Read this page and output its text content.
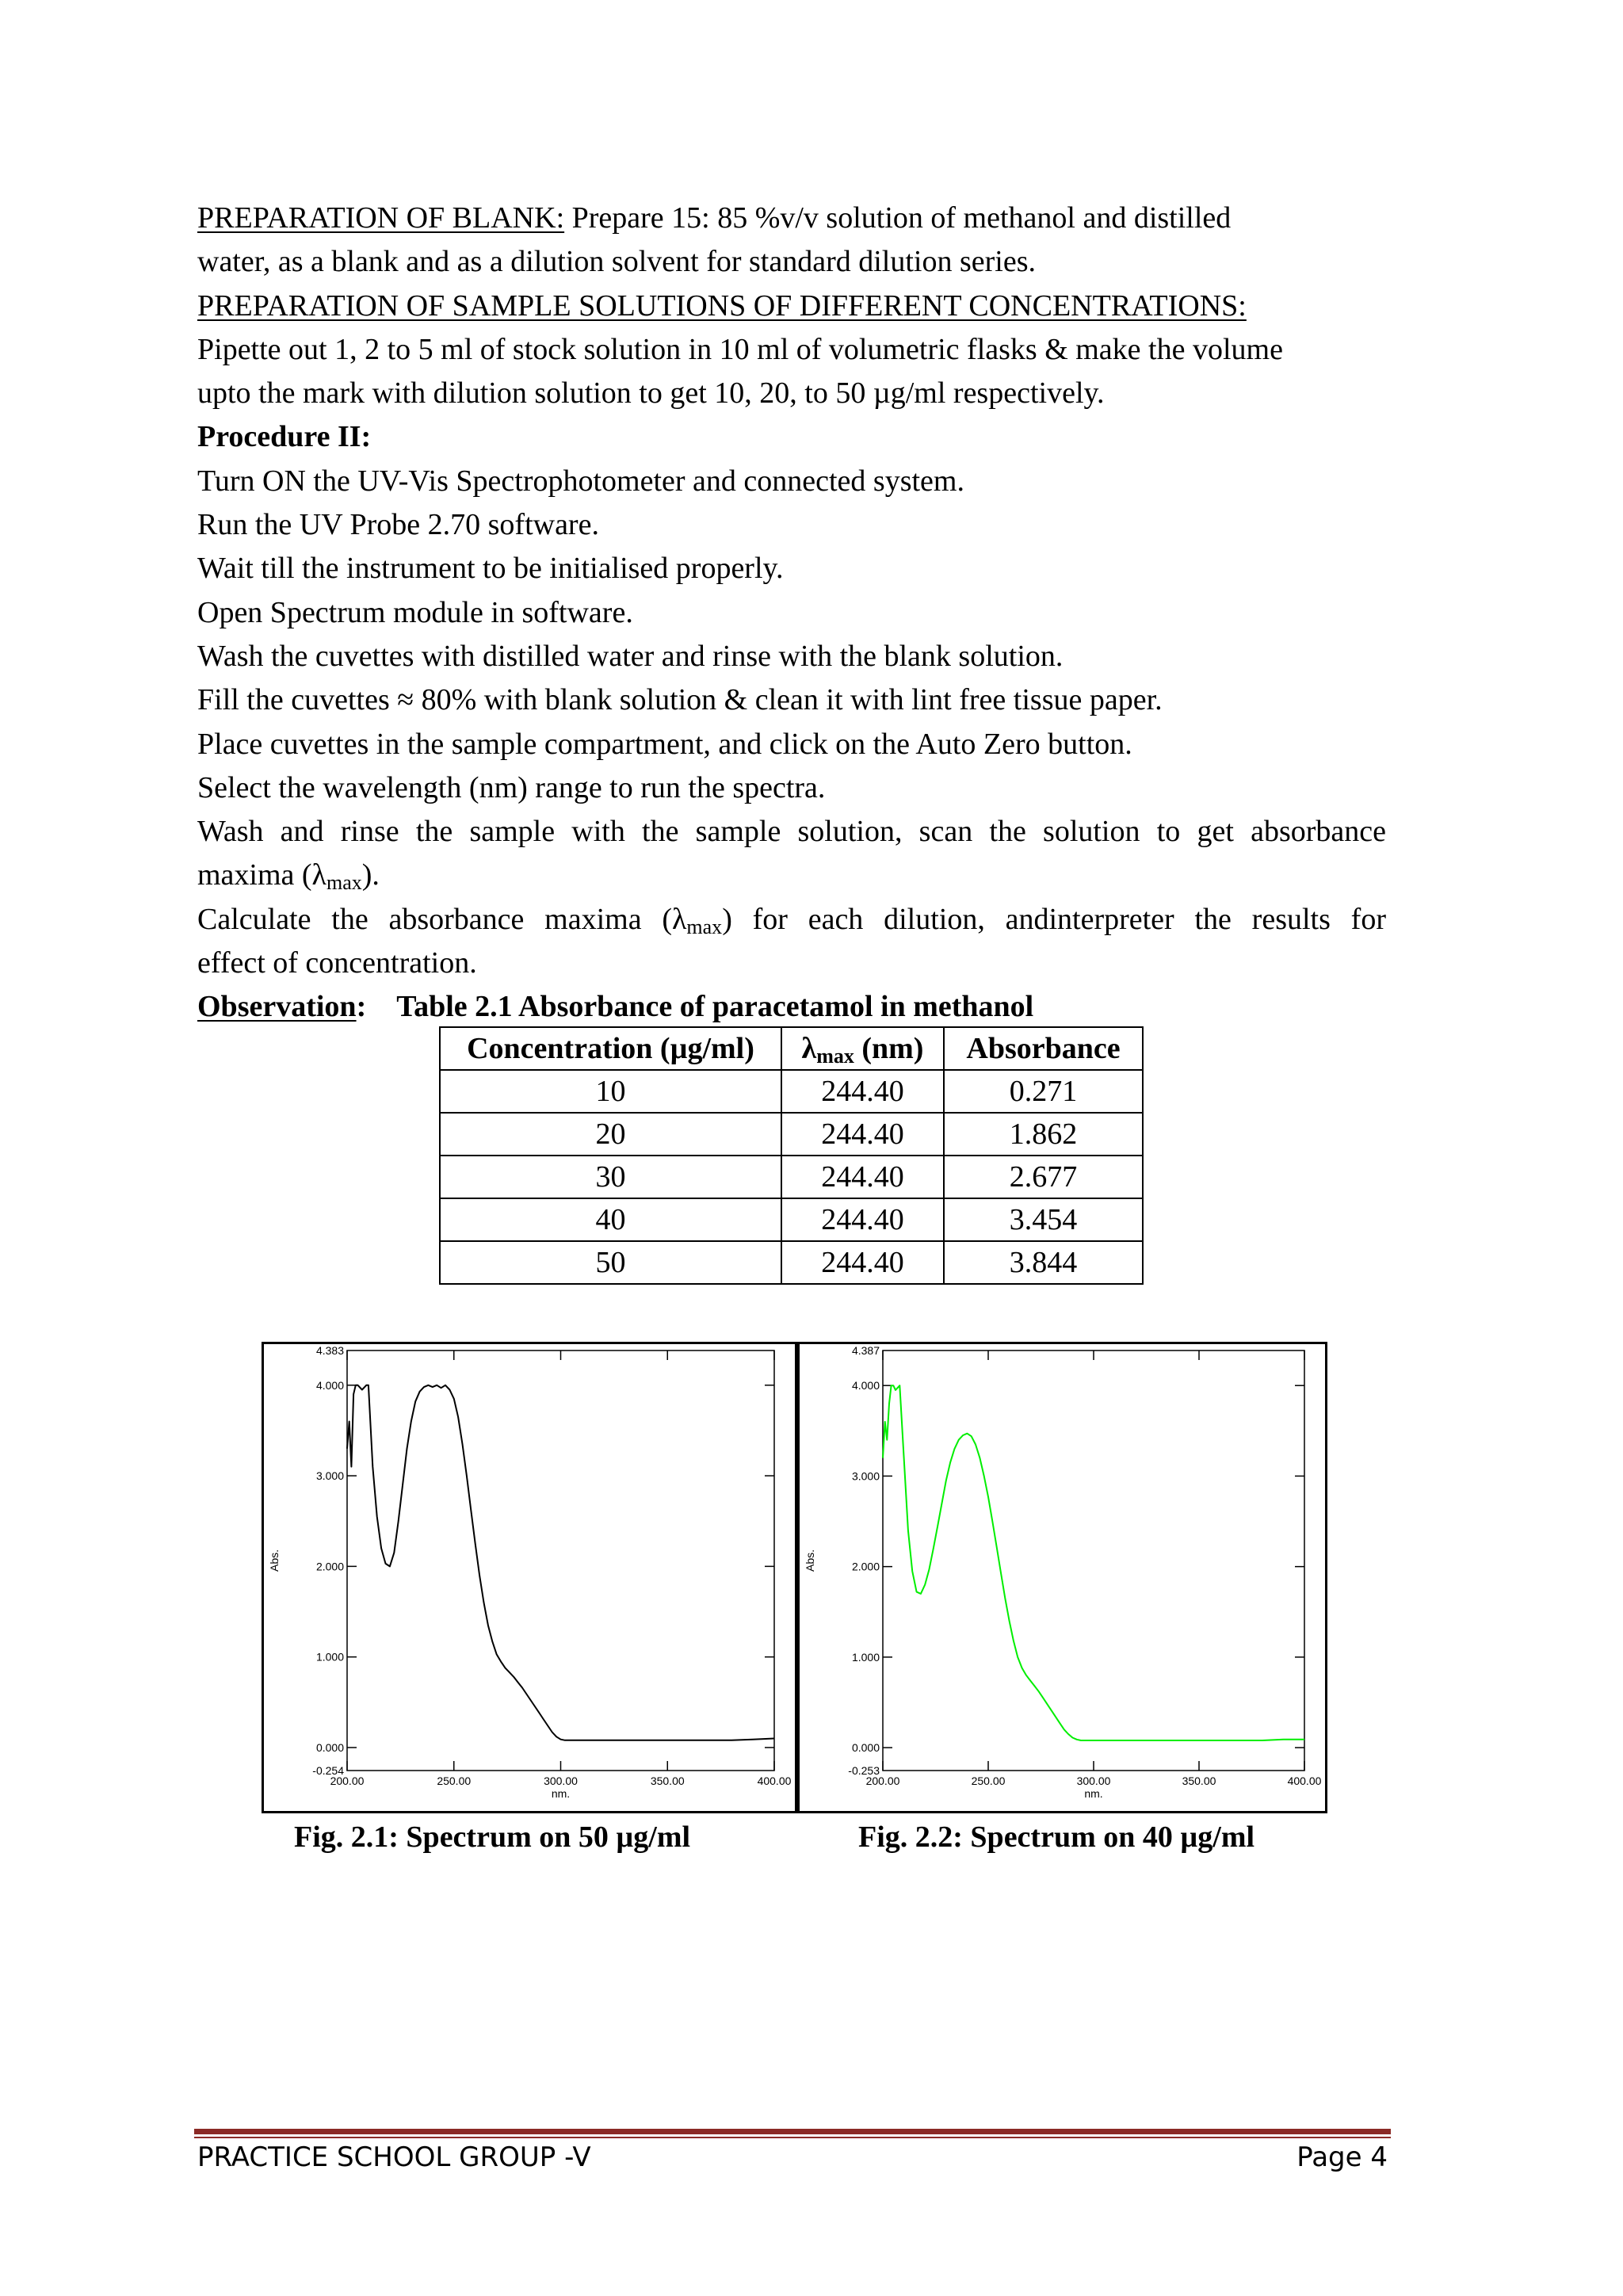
PREPARATION OF BLANK: Prepare 15: 85 %v/v solution of methanol and distilled

water, as a blank and as a dilution solvent for standard dilution series.

PREPARATION OF SAMPLE SOLUTIONS OF DIFFERENT CONCENTRATIONS:

Pipette out 1, 2 to 5 ml of stock solution in 10 ml of volumetric flasks & make the volume

upto the mark with dilution solution to get 10, 20, to 50 µg/ml respectively.

Procedure II:

Turn ON the UV-Vis Spectrophotometer and connected system.

Run the UV Probe 2.70 software.

Wait till the instrument to be initialised properly.

Open Spectrum module in software.

Wash the cuvettes with distilled water and rinse with the blank solution.

Fill the cuvettes ≈ 80% with blank solution & clean it with lint free tissue paper.

Place cuvettes in the sample compartment, and click on the Auto Zero button.

Select the wavelength (nm) range to run the spectra.

Wash and rinse the sample with the sample solution, scan the solution to get absorbance

maxima $(\lambda_{max})$.

Calculate the absorbance maxima $(\lambda_{max})$ for each dilution, andinterpreter the results for

effect of concentration.

Observation: Table 2.1 Absorbance of paracetamol in methanol

Concentration (µg/ml)	$\lambda_{max}$ (nm)	Absorbance
10	244.40	0.271
20	244.40	1.862
30	244.40	2.677
40	244.40	3.454
50	244.40	3.844
4.383
4.000
3.000
2.000
1.000
0.000
-0.254
200.00	250.00	300.00	350.00	400.00
nm.
Abs.
4.387
4.000
3.000
2.000
1.000
0.000
-0.253
200.00	250.00	300.00	350.00	400.00
nm.
Abs.
Fig. 2.1: Spectrum on 50 µg/ml	Fig. 2.2: Spectrum on 40 µg/ml
PRACTICE SCHOOL GROUP -V	Page 4
